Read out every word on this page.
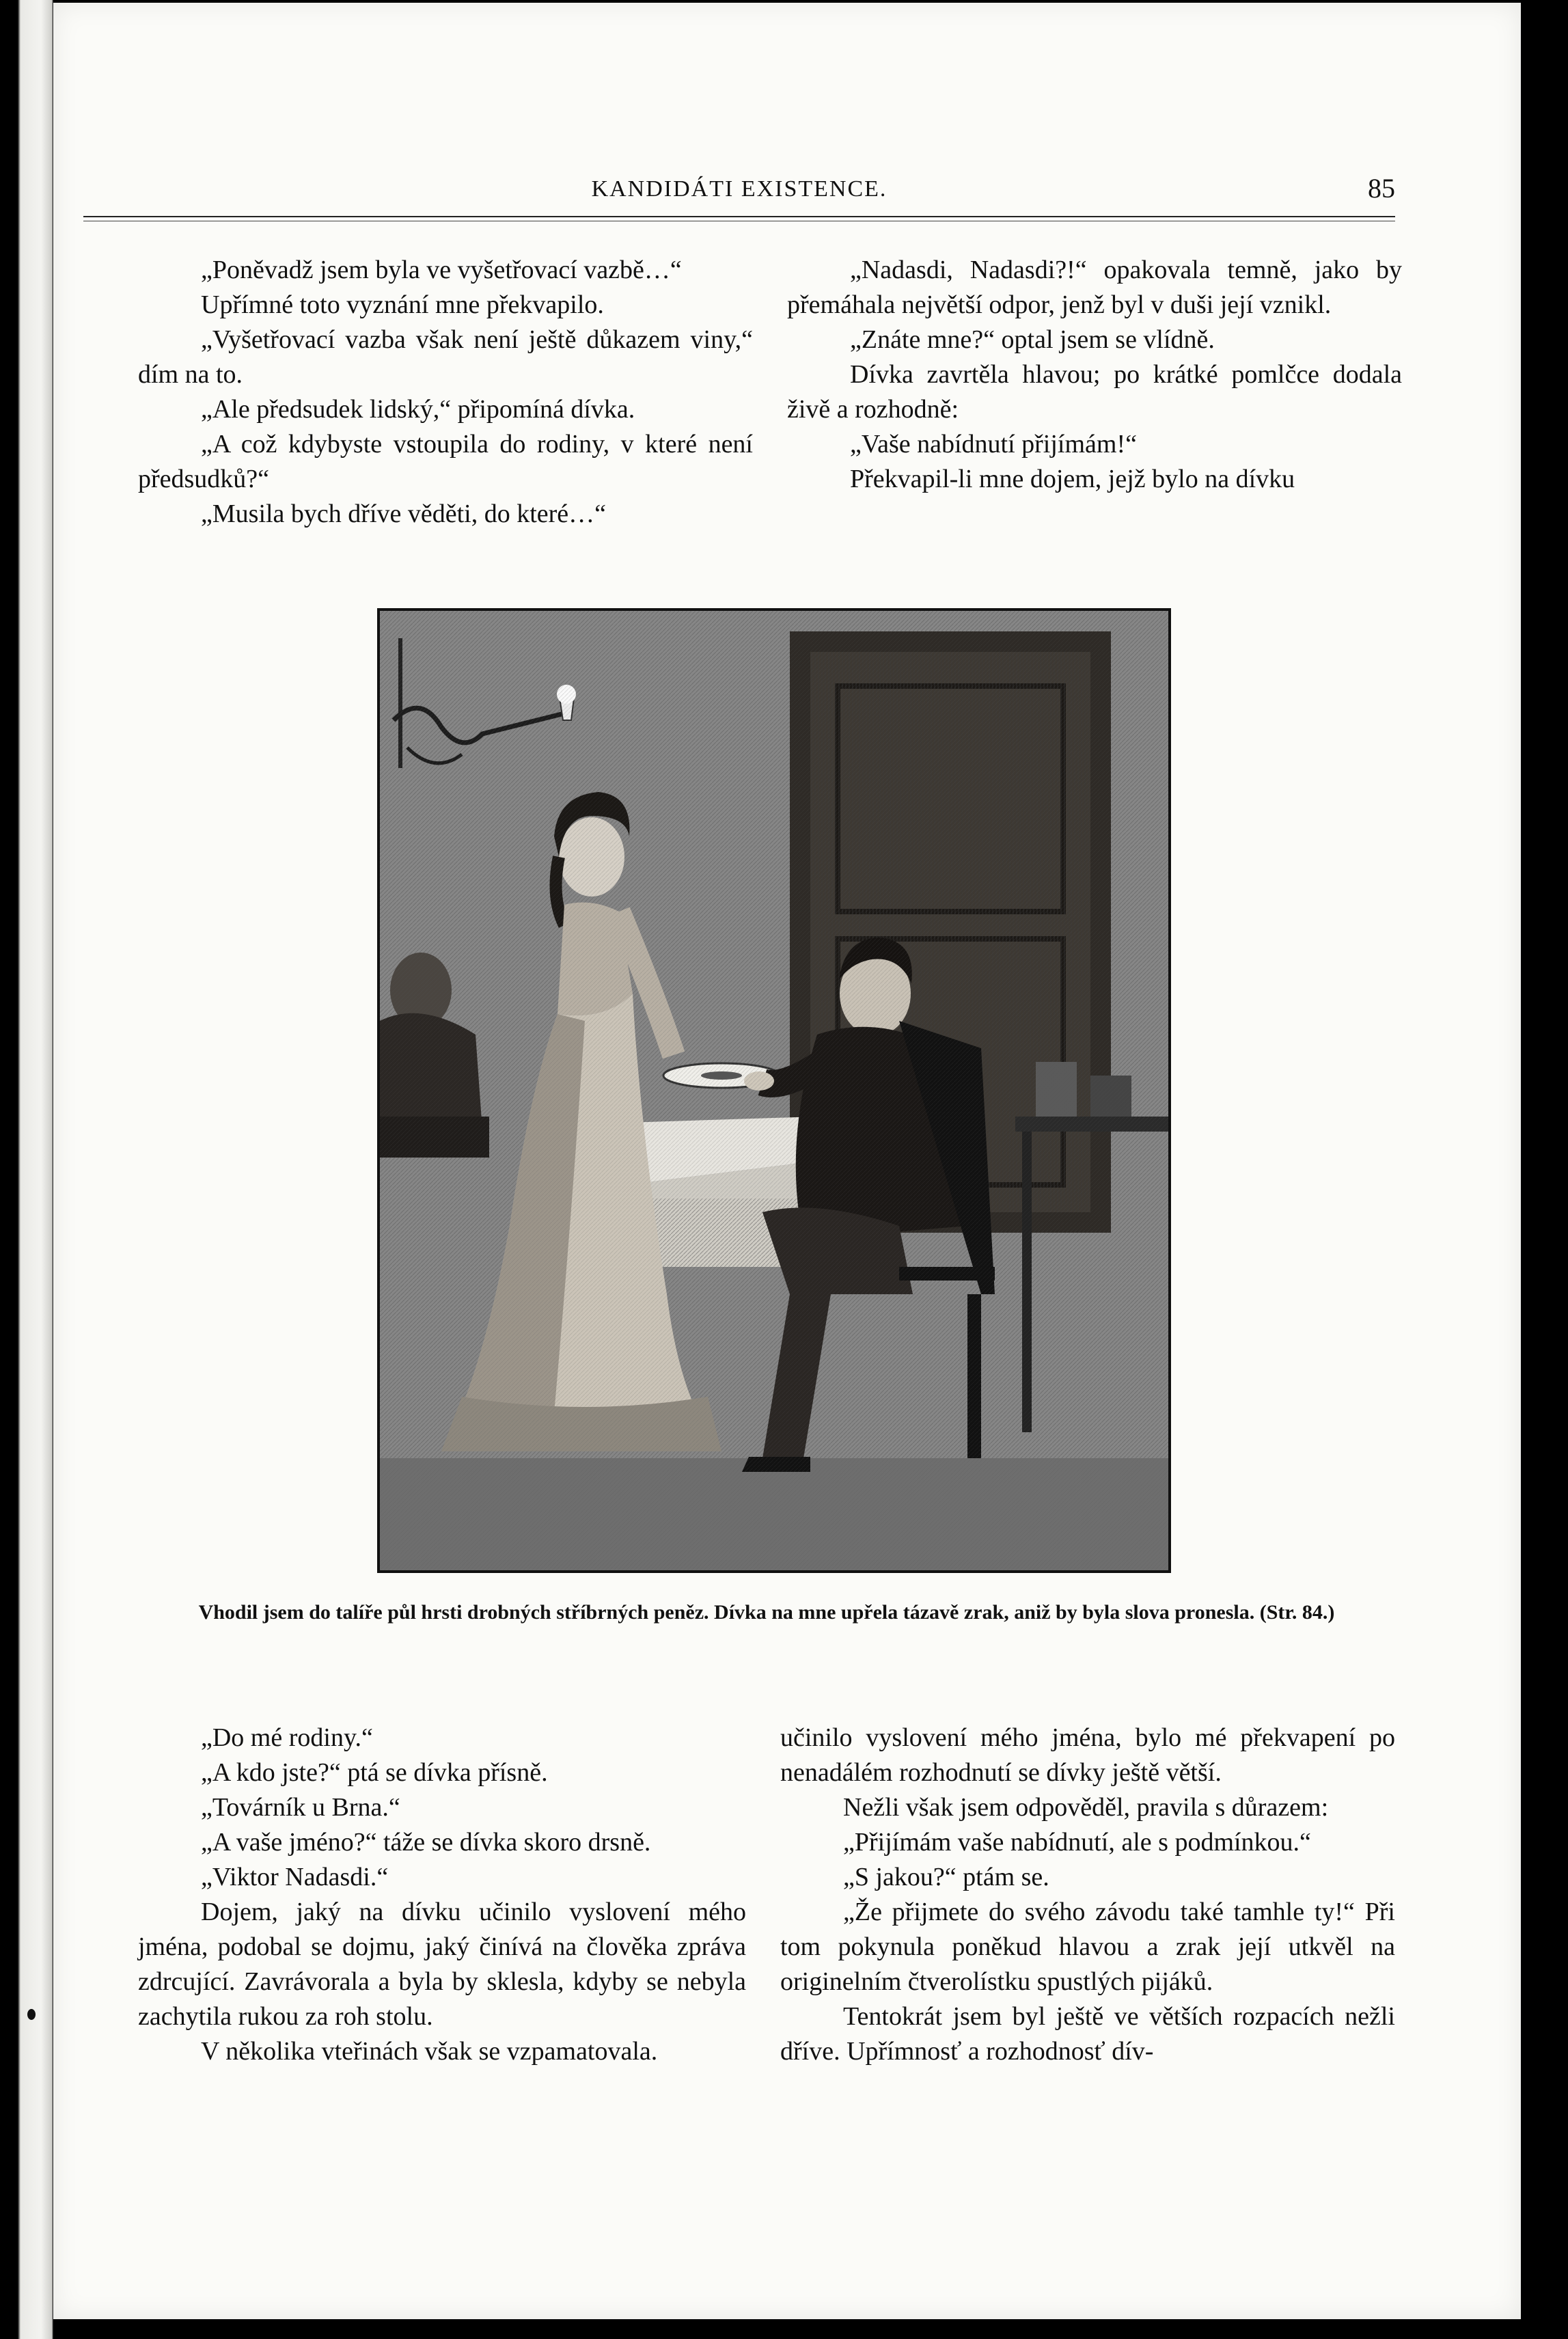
KANDIDÁTI EXISTENCE.	85

„Poněvadž jsem byla ve vyšetřovací vazbě…“

Upřímné toto vyznání mne překvapilo.

„Vyšetřovací vazba však není ještě důkazem viny,“ dím na to.

„Ale předsudek lidský,“ připomíná dívka.

„A což kdybyste vstoupila do rodiny, v které není předsudků?“

„Musila bych dříve věděti, do které…“

„Nadasdi, Nadasdi?!“ opakovala temně, jako by přemáhala největší odpor, jenž byl v duši její vznikl.

„Znáte mne?“ optal jsem se vlídně.

Dívka zavrtěla hlavou; po krátké pomlčce dodala živě a rozhodně:

„Vaše nabídnutí přijímám!“

Překvapil-li mne dojem, jejž bylo na dívku

Vhodil jsem do talíře půl hrsti drobných stříbrných peněz. Dívka na mne upřela tázavě zrak, aniž by byla slova pronesla. (Str. 84.)

„Do mé rodiny.“

„A kdo jste?“ ptá se dívka přísně.

„Továrník u Brna.“

„A vaše jméno?“ táže se dívka skoro drsně.

„Viktor Nadasdi.“

Dojem, jaký na dívku učinilo vyslovení mého jména, podobal se dojmu, jaký činívá na člověka zpráva zdrcující. Zavrávorala a byla by sklesla, kdyby se nebyla zachytila rukou za roh stolu.

V několika vteřinách však se vzpamatovala.

učinilo vyslovení mého jména, bylo mé překvapení po nenadálém rozhodnutí se dívky ještě větší.

Nežli však jsem odpověděl, pravila s důrazem:

„Přijímám vaše nabídnutí, ale s podmínkou.“

„S jakou?“ ptám se.

„Že přijmete do svého závodu také tamhle ty!“ Při tom pokynula poněkud hlavou a zrak její utkvěl na originelním čtverolístku spustlých pijáků.

Tentokrát jsem byl ještě ve větších rozpacích nežli dříve. Upřímnosť a rozhodnosť dív-
